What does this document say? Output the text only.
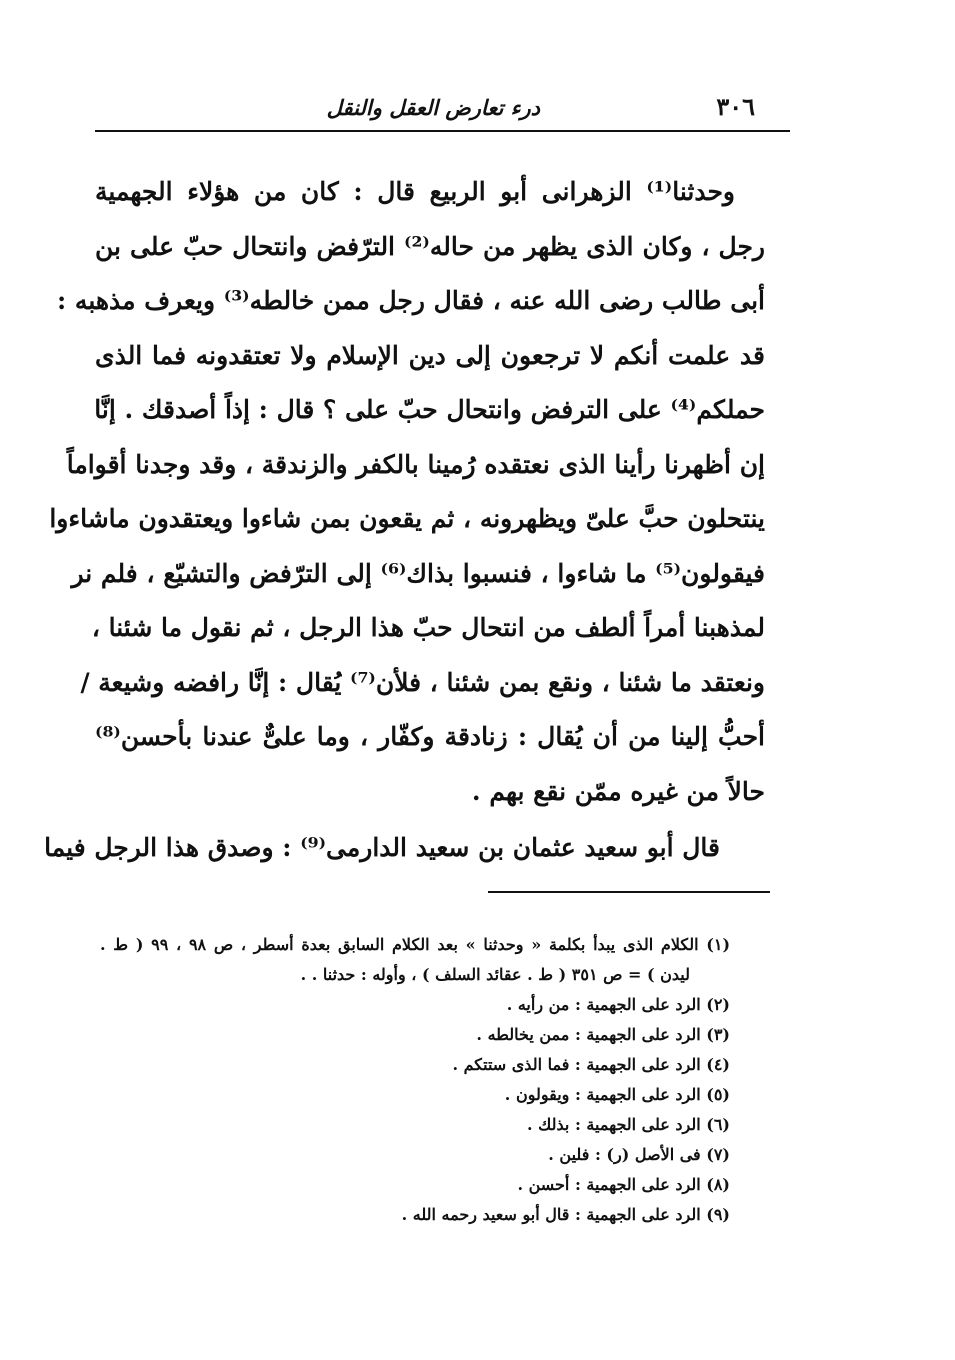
٣٠٦
درء تعارض العقل والنقل
وحدثنا⁽¹⁾ الزهرانى أبو الربيع قال : كان من هؤلاء الجهمية
رجل ، وكان الذى يظهر من حاله⁽²⁾ الترّفض وانتحال حبّ على بن
أبى طالب رضى الله عنه ، فقال رجل ممن خالطه⁽³⁾ ويعرف مذهبه :
قد علمت أنكم لا ترجعون إلى دين الإسلام ولا تعتقدونه فما الذى
حملكم⁽⁴⁾ على الترفض وانتحال حبّ على ؟ قال : إذاً أصدقك . إنَّا
إن أظهرنا رأينا الذى نعتقده رُمينا بالكفر والزندقة ، وقد وجدنا أقواماً
ينتحلون حبَّ علىّ ويظهرونه ، ثم يقعون بمن شاءوا ويعتقدون ماشاءوا
فيقولون⁽⁵⁾ ما شاءوا ، فنسبوا بذاك⁽⁶⁾ إلى الترّفض والتشيّع ، فلم نر
لمذهبنا أمراً ألطف من انتحال حبّ هذا الرجل ، ثم نقول ما شئنا ،
ونعتقد ما شئنا ، ونقع بمن شئنا ، فلأن⁽⁷⁾ يُقال : إنَّا رافضه وشيعة /
أحبُّ إلينا من أن يُقال : زنادقة وكفّار ، وما علىٌّ عندنا بأحسن⁽⁸⁾
حالاً من غيره ممّن نقع بهم .
قال أبو سعيد عثمان بن سعيد الدارمى⁽⁹⁾ : وصدق هذا الرجل فيما
(١) الكلام الذى يبدأ بكلمة « وحدثنا » بعد الكلام السابق بعدة أسطر ، ص ٩٨ ، ٩٩ ( ط .
ليدن ) = ص ٣٥١ ( ط . عقائد السلف ) ، وأوله : حدثنا . .
(٢) الرد على الجهمية : من رأيه .
(٣) الرد على الجهمية : ممن يخالطه .
(٤) الرد على الجهمية : فما الذى ستتكم .
(٥) الرد على الجهمية : ويقولون .
(٦) الرد على الجهمية : بذلك .
(٧) فى الأصل (ر) : فلين .
(٨) الرد على الجهمية : أحسن .
(٩) الرد على الجهمية : قال أبو سعيد رحمه الله .
